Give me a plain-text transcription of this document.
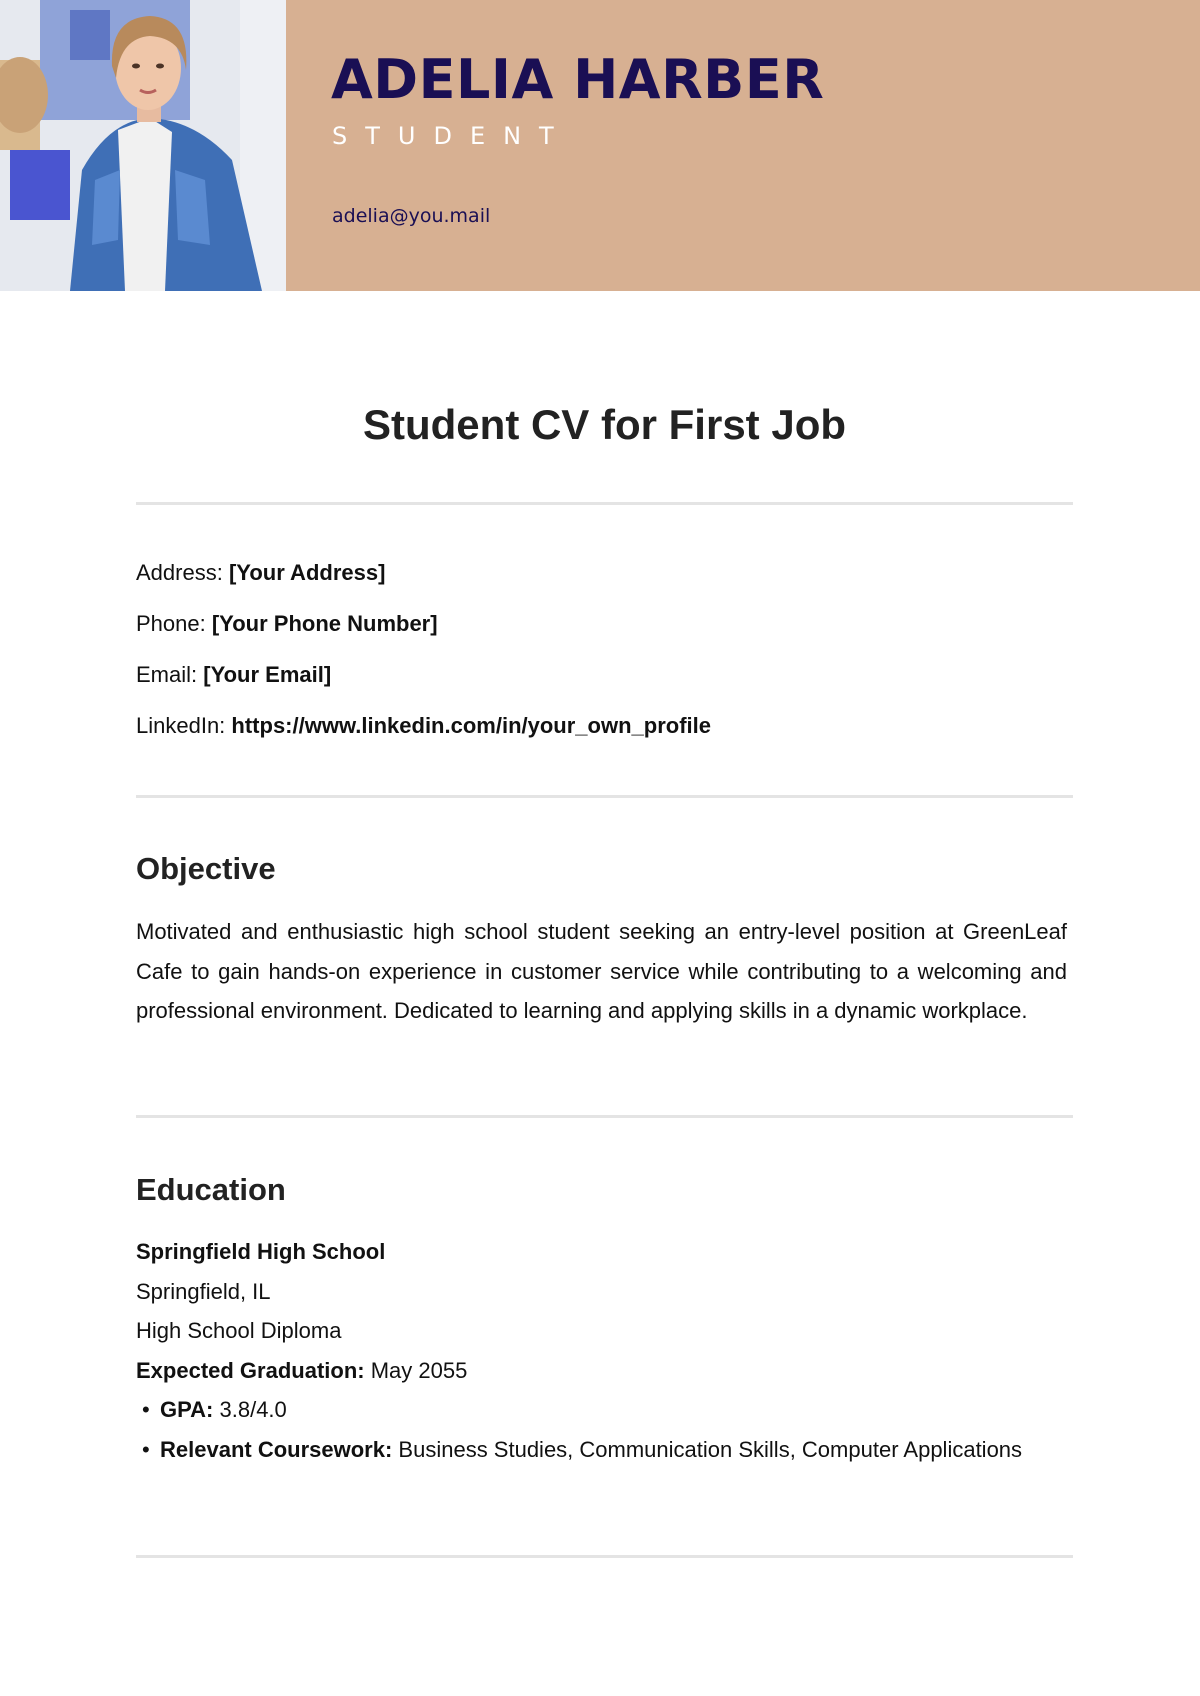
ADELIA HARBER
STUDENT
adelia@you.mail
Student CV for First Job
Address: [Your Address]
Phone: [Your Phone Number]
Email: [Your Email]
LinkedIn: https://www.linkedin.com/in/your_own_profile
Objective

Motivated and enthusiastic high school student seeking an entry-level position at GreenLeaf Cafe to gain hands-on experience in customer service while contributing to a welcoming and professional environment. Dedicated to learning and applying skills in a dynamic workplace.

Education
Springfield High School
Springfield, IL
High School Diploma
Expected Graduation: May 2055
• GPA: 3.8/4.0
• Relevant Coursework: Business Studies, Communication Skills, Computer Applications
